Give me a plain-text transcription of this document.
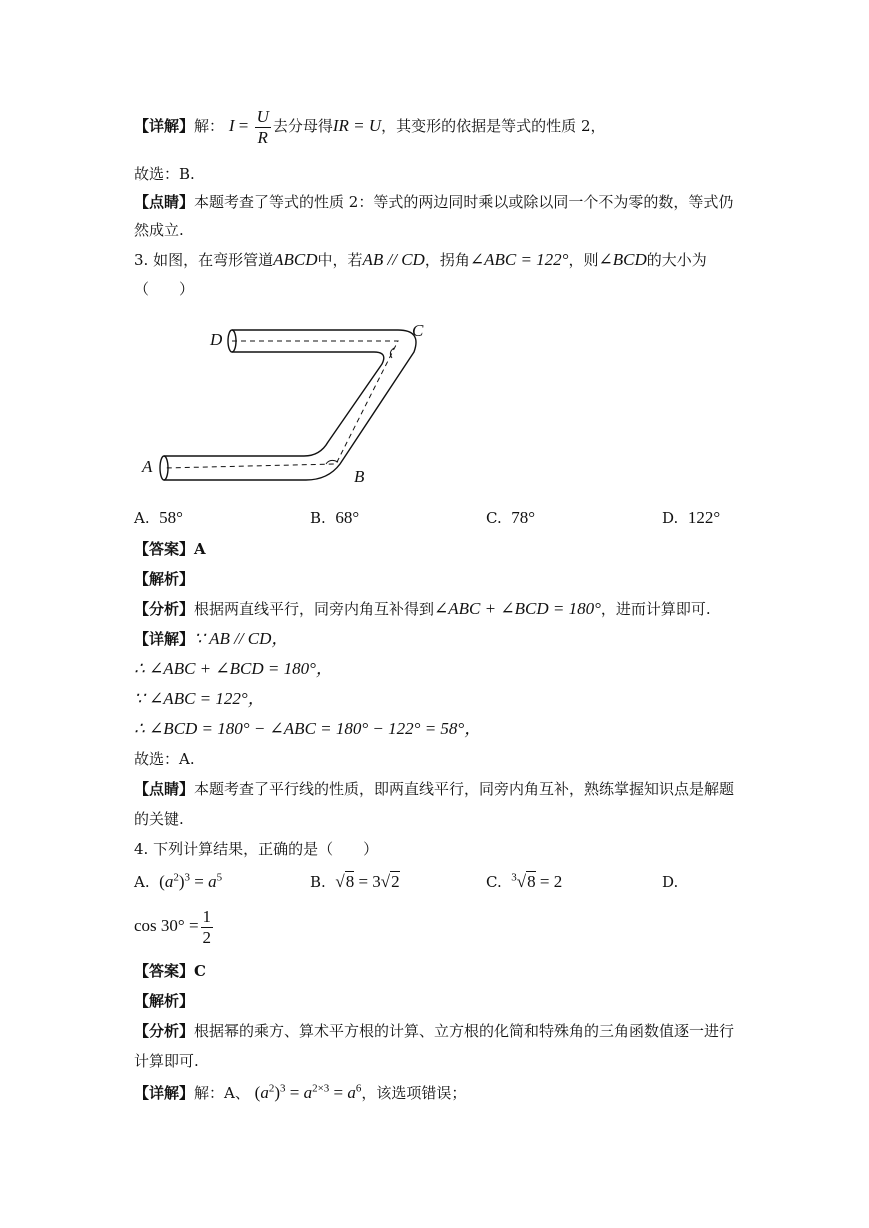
【详解】解： $I = \frac{U}{R}$ 去分母得IR = U，其变形的依据是等式的性质 2，
故选：B.
【点睛】本题考查了等式的性质 2：等式的两边同时乘以或除以同一个不为零的数，等式仍
然成立.
3. 如图，在弯形管道ABCD中，若AB // CD，拐角∠ABC = 122°，则∠BCD的大小为
（　　）
D	C
A
B
A. 58°	B. 68°	C. 78°	D. 122°
【答案】A
【解析】
【分析】根据两直线平行，同旁内角互补得到∠ABC + ∠BCD = 180°，进而计算即可.
【详解】∵ AB // CD，
∴ ∠ABC + ∠BCD = 180°，
∵ ∠ABC = 122°，
∴ ∠BCD = 180° − ∠ABC = 180° − 122° = 58°，
故选：A.
【点睛】本题考查了平行线的性质，即两直线平行，同旁内角互补，熟练掌握知识点是解题
的关键.
4. 下列计算结果，正确的是（　　）
A. $(a^2)^3 = a^5$	B. √8 = 3√2	C. $^3$√8 = 2	D.
$\cos 30^\circ = \frac{1}{2}$
【答案】C
【解析】
【分析】根据幂的乘方、算术平方根的计算、立方根的化简和特殊角的三角函数值逐一进行
计算即可.
【详解】解：A、 $(a^2)^3 = a^{2\times 3} = a^6$，该选项错误；
